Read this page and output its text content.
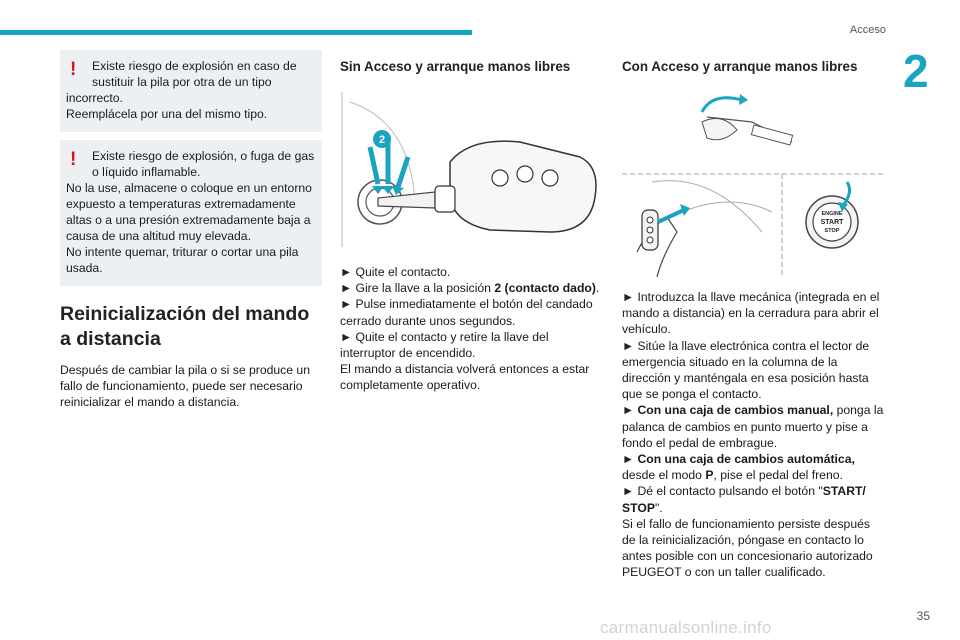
Acceso
2
!	Existe riesgo de explosión en caso de sustituir la pila por otra de un tipo
incorrecto.
Reemplácela por una del mismo tipo.
!	Existe riesgo de explosión, o fuga de gas o líquido inflamable.
No la use, almacene o coloque en un entorno expuesto a temperaturas extremadamente altas o a una presión extremadamente baja a causa de una altitud muy elevada.
No intente quemar, triturar o cortar una pila usada.
Reinicialización del mando a distancia
Después de cambiar la pila o si se produce un fallo de funcionamiento, puede ser necesario reinicializar el mando a distancia.
Sin Acceso y arranque manos libres
2
► Quite el contacto.
► Gire la llave a la posición 2 (contacto dado).
► Pulse inmediatamente el botón del candado cerrado durante unos segundos.
► Quite el contacto y retire la llave del interruptor de encendido.
El mando a distancia volverá entonces a estar completamente operativo.
Con Acceso y arranque manos libres
ENGINE
START
STOP
► Introduzca la llave mecánica (integrada en el mando a distancia) en la cerradura para abrir el vehículo.
► Sitúe la llave electrónica contra el lector de emergencia situado en la columna de la dirección y manténgala en esa posición hasta que se ponga el contacto.
► Con una caja de cambios manual, ponga la palanca de cambios en punto muerto y pise a fondo el pedal de embrague.
► Con una caja de cambios automática, desde el modo P, pise el pedal del freno.
► Dé el contacto pulsando el botón "START/ STOP".
Si el fallo de funcionamiento persiste después de la reinicialización, póngase en contacto lo antes posible con un concesionario autorizado PEUGEOT o con un taller cualificado.
35
carmanualsonline.info
